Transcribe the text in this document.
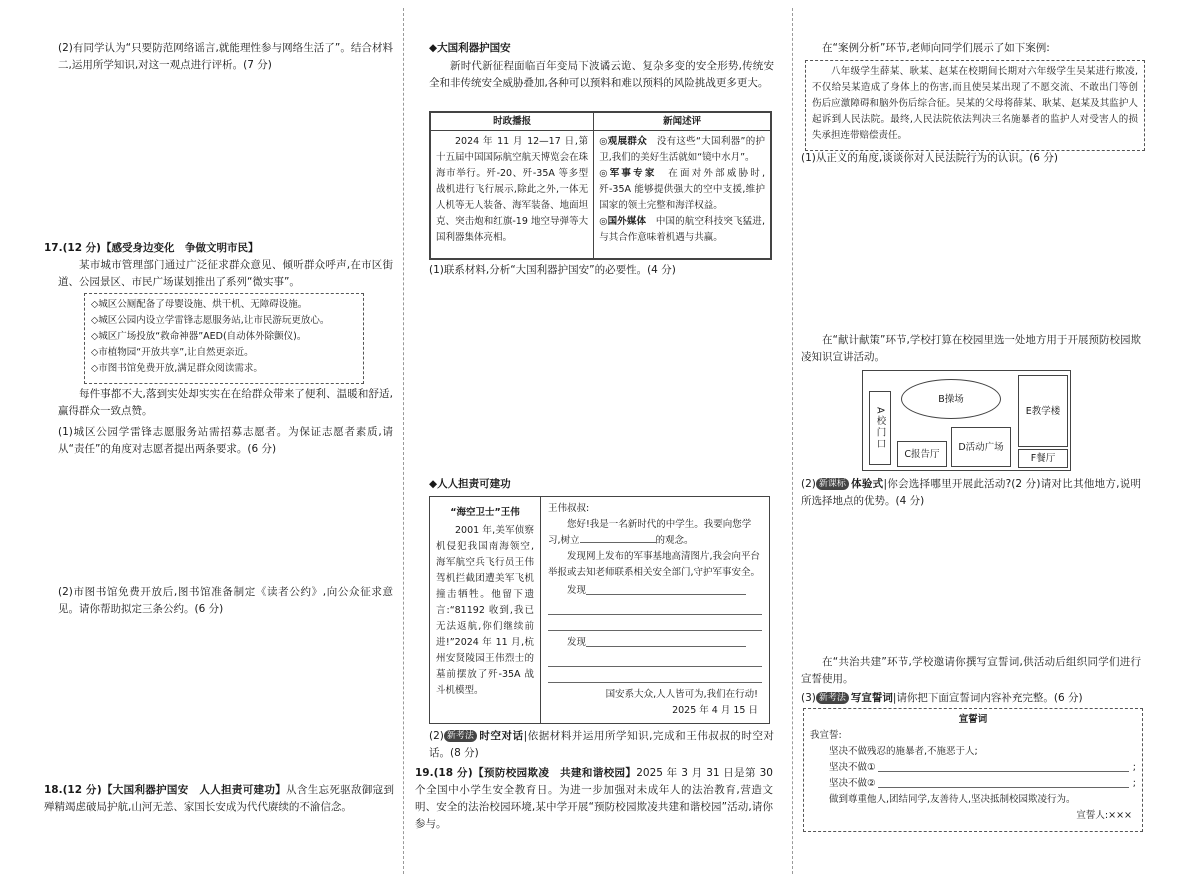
(2)有同学认为“只要防范网络谣言,就能理性参与网络生活了”。结合材料二,运用所学知识,对这一观点进行评析。(7 分)

17.(12 分)【感受身边变化　争做文明市民】

某市城市管理部门通过广泛征求群众意见、倾听群众呼声,在市区街道、公园景区、市民广场谋划推出了系列“微实事”。

◇城区公厕配备了母婴设施、烘干机、无障碍设施。
◇城区公园内设立学雷锋志愿服务站,让市民游玩更放心。
◇城区广场投放“救命神器”AED(自动体外除颤仪)。
◇市植物园“开放共享”,让自然更亲近。
◇市图书馆免费开放,满足群众阅读需求。

每件事都不大,落到实处却实实在在给群众带来了便利、温暖和舒适,赢得群众一致点赞。

(1)城区公园学雷锋志愿服务站需招募志愿者。为保证志愿者素质,请从“责任”的角度对志愿者提出两条要求。(6 分)

(2)市图书馆免费开放后,图书馆准备制定《读者公约》,向公众征求意见。请你帮助拟定三条公约。(6 分)

18.(12 分)【大国利器护国安　人人担责可建功】从含生忘死驱敌御寇到殚精竭虑破局护航,山河无恙、家国长安成为代代赓续的不渝信念。

◆大国利器护国安

新时代新征程面临百年变局下波谲云诡、复杂多变的安全形势,传统安全和非传统安全威胁叠加,各种可以预料和难以预料的风险挑战更多更大。

时政播报	新闻述评
2024 年 11 月 12—17 日,第十五届中国国际航空航天博览会在珠海市举行。歼-20、歼-35A 等多型战机进行飞行展示,除此之外,一体无人机等无人装备、海军装备、地面坦克、突击炮和红旗-19 地空导弹等大国利器集体亮相。	◎观展群众　 没有这些“大国利器”的护卫,我们的美好生活就如“镜中水月”。
◎军事专家　 在面对外部威胁时,歼-35A 能够提供强大的空中支援,维护国家的领土完整和海洋权益。
◎国外媒体　 中国的航空科技突飞猛进,与其合作意味着机遇与共赢。

(1)联系材料,分析“大国利器护国安”的必要性。(4 分)

◆人人担责可建功

“海空卫士”王伟
2001 年,美军侦察机侵犯我国南海领空,海军航空兵飞行员王伟驾机拦截团遭美军飞机撞击牺牲。他留下遗言:“81192 收到,我已无法返航,你们继续前进!”2024 年 11 月,杭州安贤陵园王伟烈士的墓前摆放了歼-35A 战斗机模型。
王伟叔叔:
您好!我是一名新时代的中学生。我要向您学习,树立	的观念。
发现网上发布的军事基地高清图片,我会向平台举报或去知老师联系相关安全部门,守护军事安全。
发现
发现
国安系大众,人人皆可为,我们在行动!
2025 年 4 月 15 日

(2) 新考法 时空对话|依据材料并运用所学知识,完成和王伟叔叔的时空对话。(8 分)

19.(18 分)【预防校园欺凌　共建和谐校园】2025 年 3 月 31 日是第 30 个全国中小学生安全教育日。为进一步加强对未成年人的法治教育,营造文明、安全的法治校园环境,某中学开展“预防校园欺凌共建和谐校园”活动,请你参与。

在“案例分析”环节,老师向同学们展示了如下案例:

八年级学生薛某、耿某、赵某在校期间长期对六年级学生吴某进行欺凌,不仅给吴某造成了身体上的伤害,而且使吴某出现了不愿交流、不敢出门等创伤后应激障碍和脑外伤后综合征。吴某的父母将薛某、耿某、赵某及其监护人起诉到人民法院。最终,人民法院依法判决三名施暴者的监护人对受害人的损失承担连带赔偿责任。

(1)从正义的角度,谈谈你对人民法院行为的认识。(6 分)

在“献计献策”环节,学校打算在校园里选一处地方用于开展预防校园欺凌知识宣讲活动。

A校门口
B操场
C报告厅
D活动广场
E教学楼
F餐厅

(2) 新课标 体验式|你会选择哪里开展此活动?(2 分)请对比其他地方,说明所选择地点的优势。(4 分)

在“共治共建”环节,学校邀请你撰写宣誓词,供活动后组织同学们进行宣誓使用。

(3) 新考法 写宣誓词|请你把下面宣誓词内容补充完整。(6 分)

宣誓词
我宣誓:
坚决不做残忍的施暴者,不施恶于人;
坚决不做①	;
坚决不做②	;
做到尊重他人,团结同学,友善待人,坚决抵制校园欺凌行为。
宣誓人:×××
